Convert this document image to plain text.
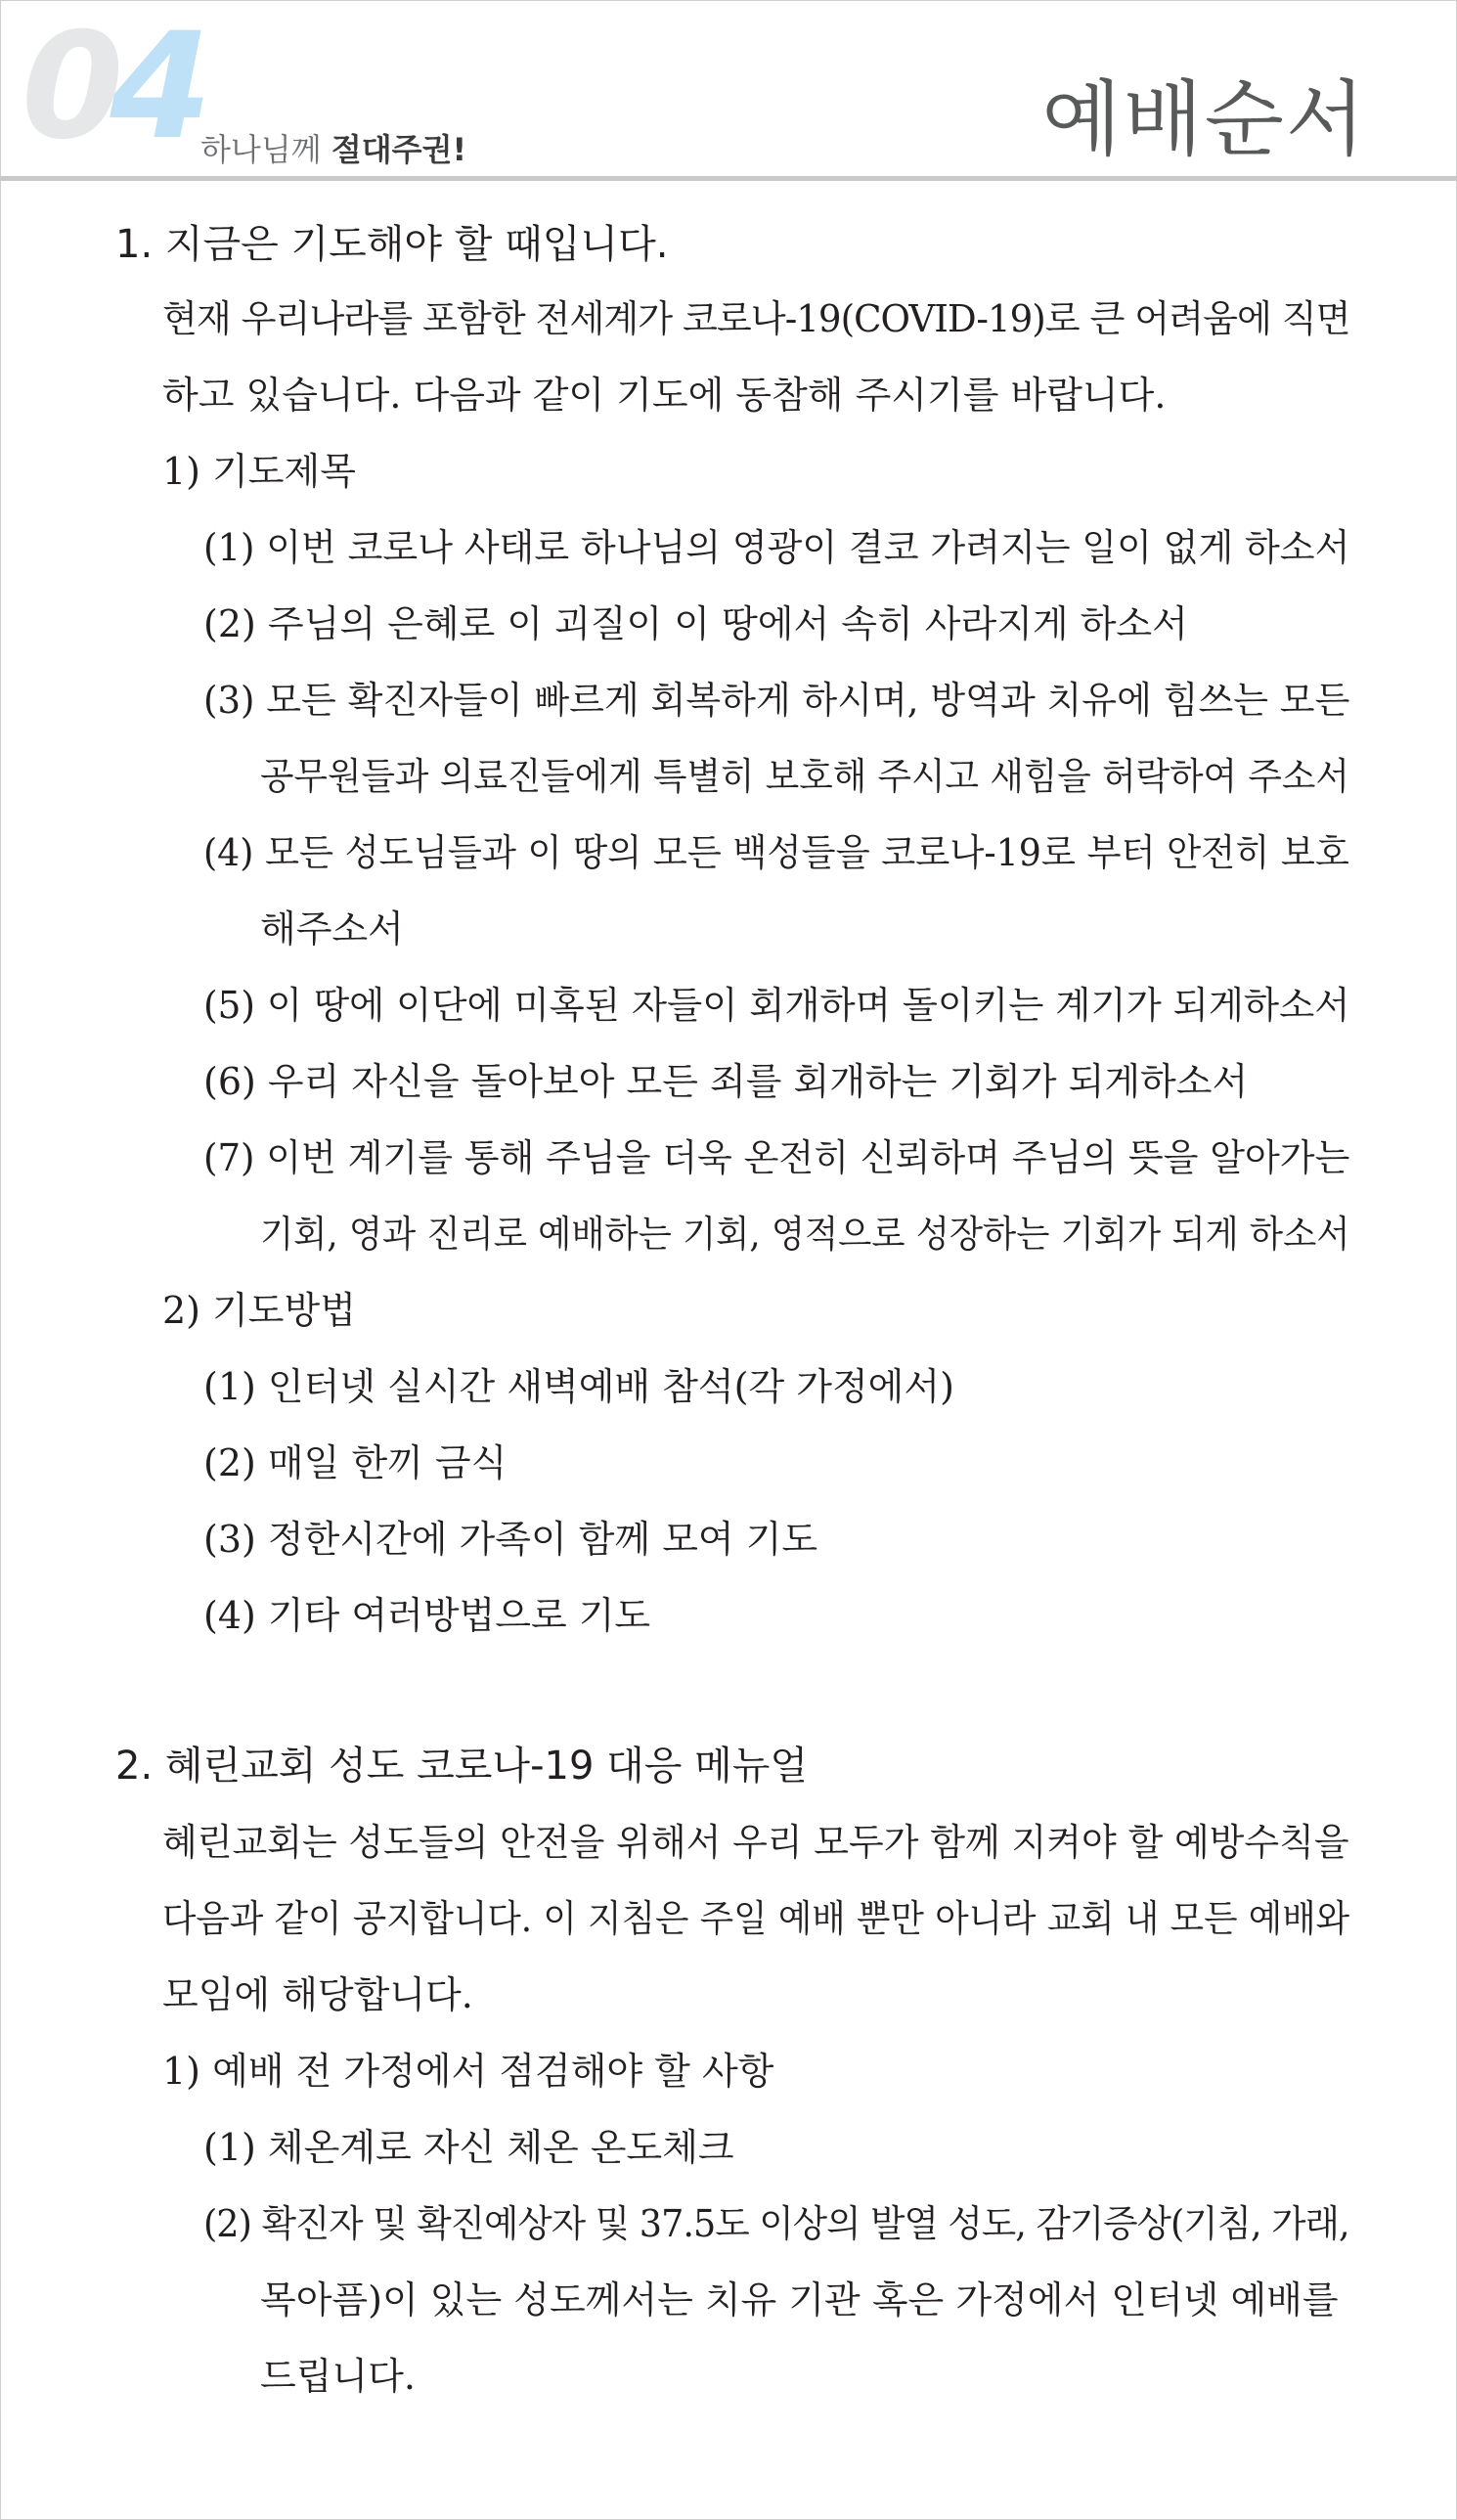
04 하나님께 절대주권!	예배순서
1. 지금은 기도해야 할 때입니다.
현재 우리나라를 포함한 전세계가 코로나-19(COVID-19)로 큰 어려움에 직면
하고 있습니다. 다음과 같이 기도에 동참해 주시기를 바랍니다.
1) 기도제목
(1) 이번 코로나 사태로 하나님의 영광이 결코 가려지는 일이 없게 하소서
(2) 주님의 은혜로 이 괴질이 이 땅에서 속히 사라지게 하소서
(3) 모든 확진자들이 빠르게 회복하게 하시며, 방역과 치유에 힘쓰는 모든
공무원들과 의료진들에게 특별히 보호해 주시고 새힘을 허락하여 주소서
(4) 모든 성도님들과 이 땅의 모든 백성들을 코로나-19로 부터 안전히 보호
해주소서
(5) 이 땅에 이단에 미혹된 자들이 회개하며 돌이키는 계기가 되게하소서
(6) 우리 자신을 돌아보아 모든 죄를 회개하는 기회가 되게하소서
(7) 이번 계기를 통해 주님을 더욱 온전히 신뢰하며 주님의 뜻을 알아가는
기회, 영과 진리로 예배하는 기회, 영적으로 성장하는 기회가 되게 하소서
2) 기도방법
(1) 인터넷 실시간 새벽예배 참석(각 가정에서)
(2) 매일 한끼 금식
(3) 정한시간에 가족이 함께 모여 기도
(4) 기타 여러방법으로 기도
2. 혜린교회 성도 코로나-19 대응 메뉴얼
혜린교회는 성도들의 안전을 위해서 우리 모두가 함께 지켜야 할 예방수칙을
다음과 같이 공지합니다. 이 지침은 주일 예배 뿐만 아니라 교회 내 모든 예배와
모임에 해당합니다.
1) 예배 전 가정에서 점검해야 할 사항
(1) 체온계로 자신 체온 온도체크
(2) 확진자 및 확진예상자 및 37.5도 이상의 발열 성도, 감기증상(기침, 가래,
목아픔)이 있는 성도께서는 치유 기관 혹은 가정에서 인터넷 예배를
드립니다.
